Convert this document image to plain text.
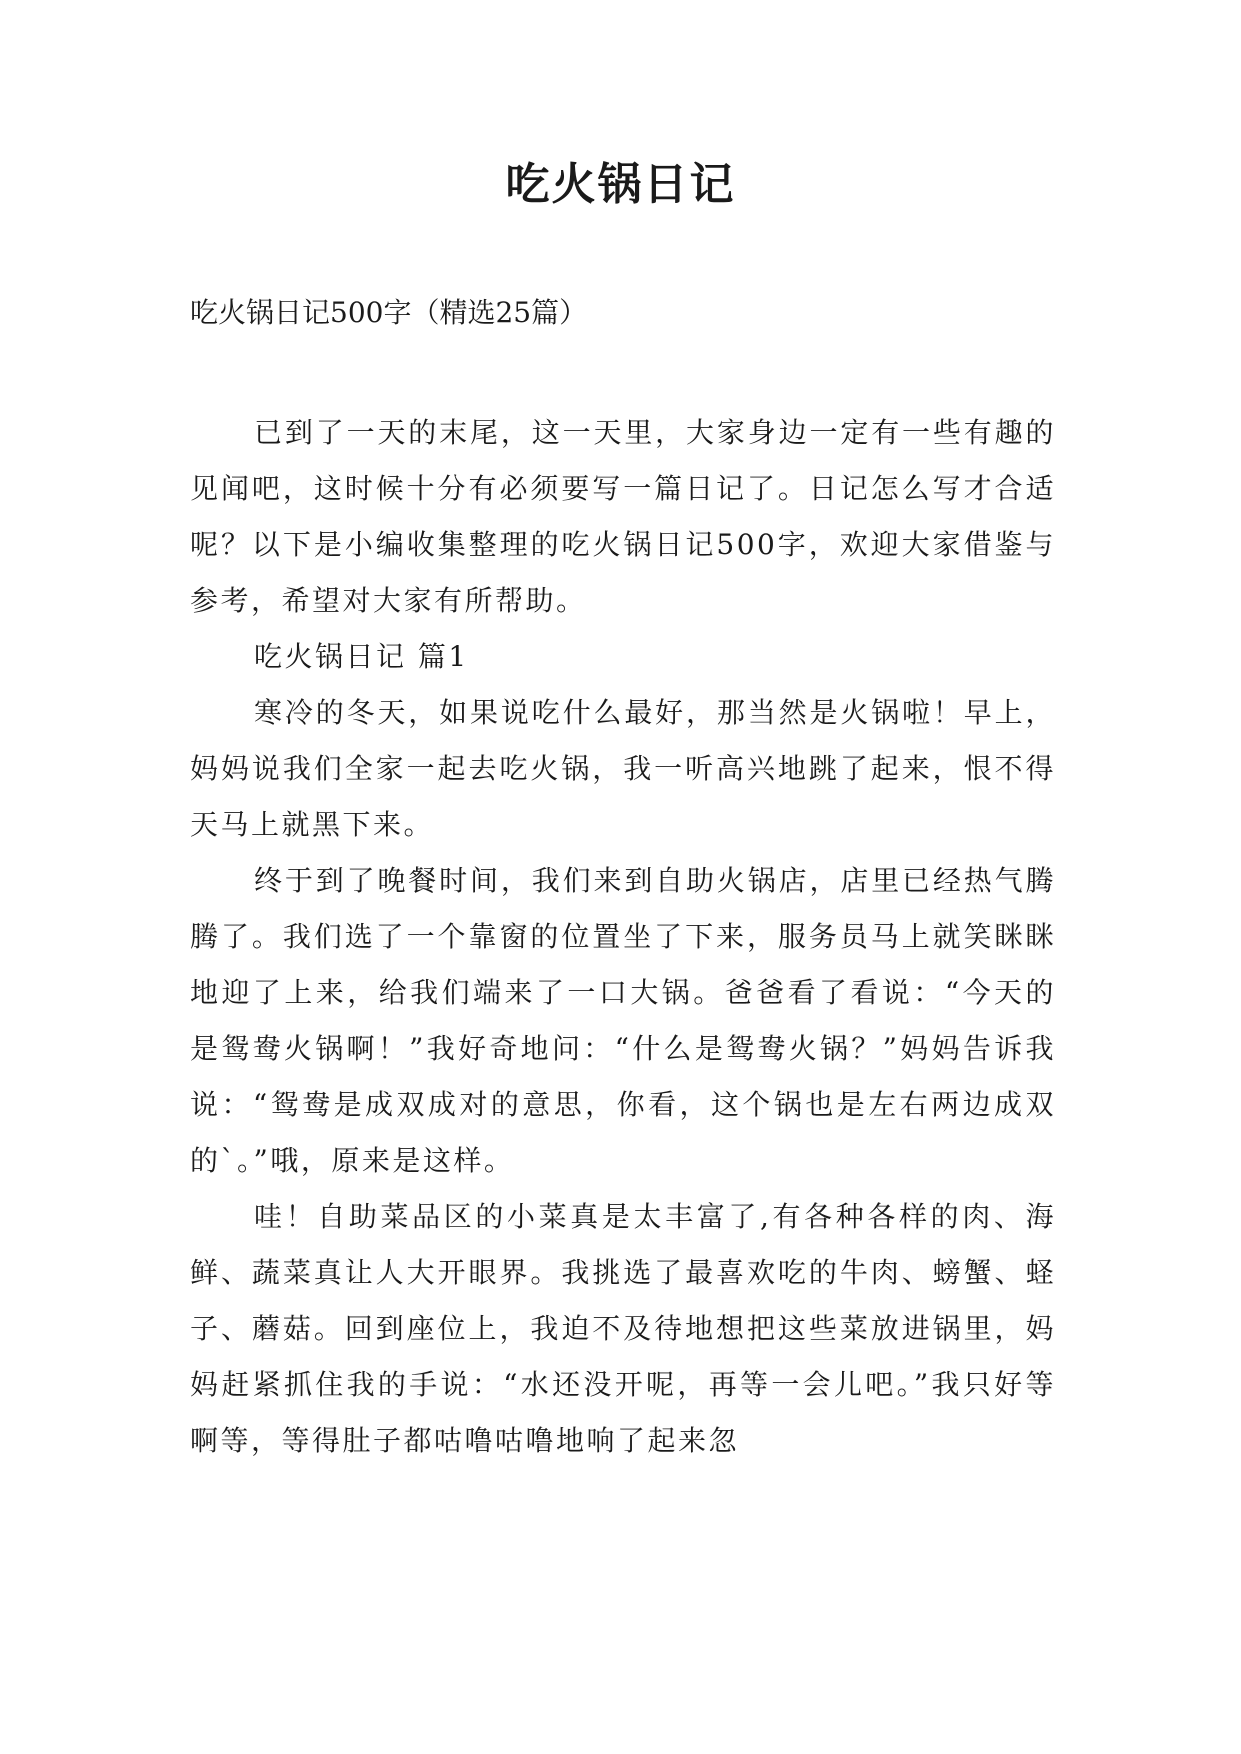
吃火锅日记
吃火锅日记500字（精选25篇）

已到了一天的末尾，这一天里，大家身边一定有一些有趣的见闻吧，这时候十分有必须要写一篇日记了。日记怎么写才合适呢？以下是小编收集整理的吃火锅日记500字，欢迎大家借鉴与参考，希望对大家有所帮助。

吃火锅日记 篇1

寒冷的冬天，如果说吃什么最好，那当然是火锅啦！早上，妈妈说我们全家一起去吃火锅，我一听高兴地跳了起来，恨不得天马上就黑下来。

终于到了晚餐时间，我们来到自助火锅店，店里已经热气腾腾了。我们选了一个靠窗的位置坐了下来，服务员马上就笑眯眯地迎了上来，给我们端来了一口大锅。爸爸看了看说：“今天的是鸳鸯火锅啊！”我好奇地问：“什么是鸳鸯火锅？”妈妈告诉我说：“鸳鸯是成双成对的意思，你看，这个锅也是左右两边成双的`。”哦，原来是这样。

哇！自助菜品区的小菜真是太丰富了,有各种各样的肉、海鲜、蔬菜真让人大开眼界。我挑选了最喜欢吃的牛肉、螃蟹、蛏子、蘑菇。回到座位上，我迫不及待地想把这些菜放进锅里，妈妈赶紧抓住我的手说：“水还没开呢，再等一会儿吧。”我只好等啊等，等得肚子都咕噜咕噜地响了起来忽
